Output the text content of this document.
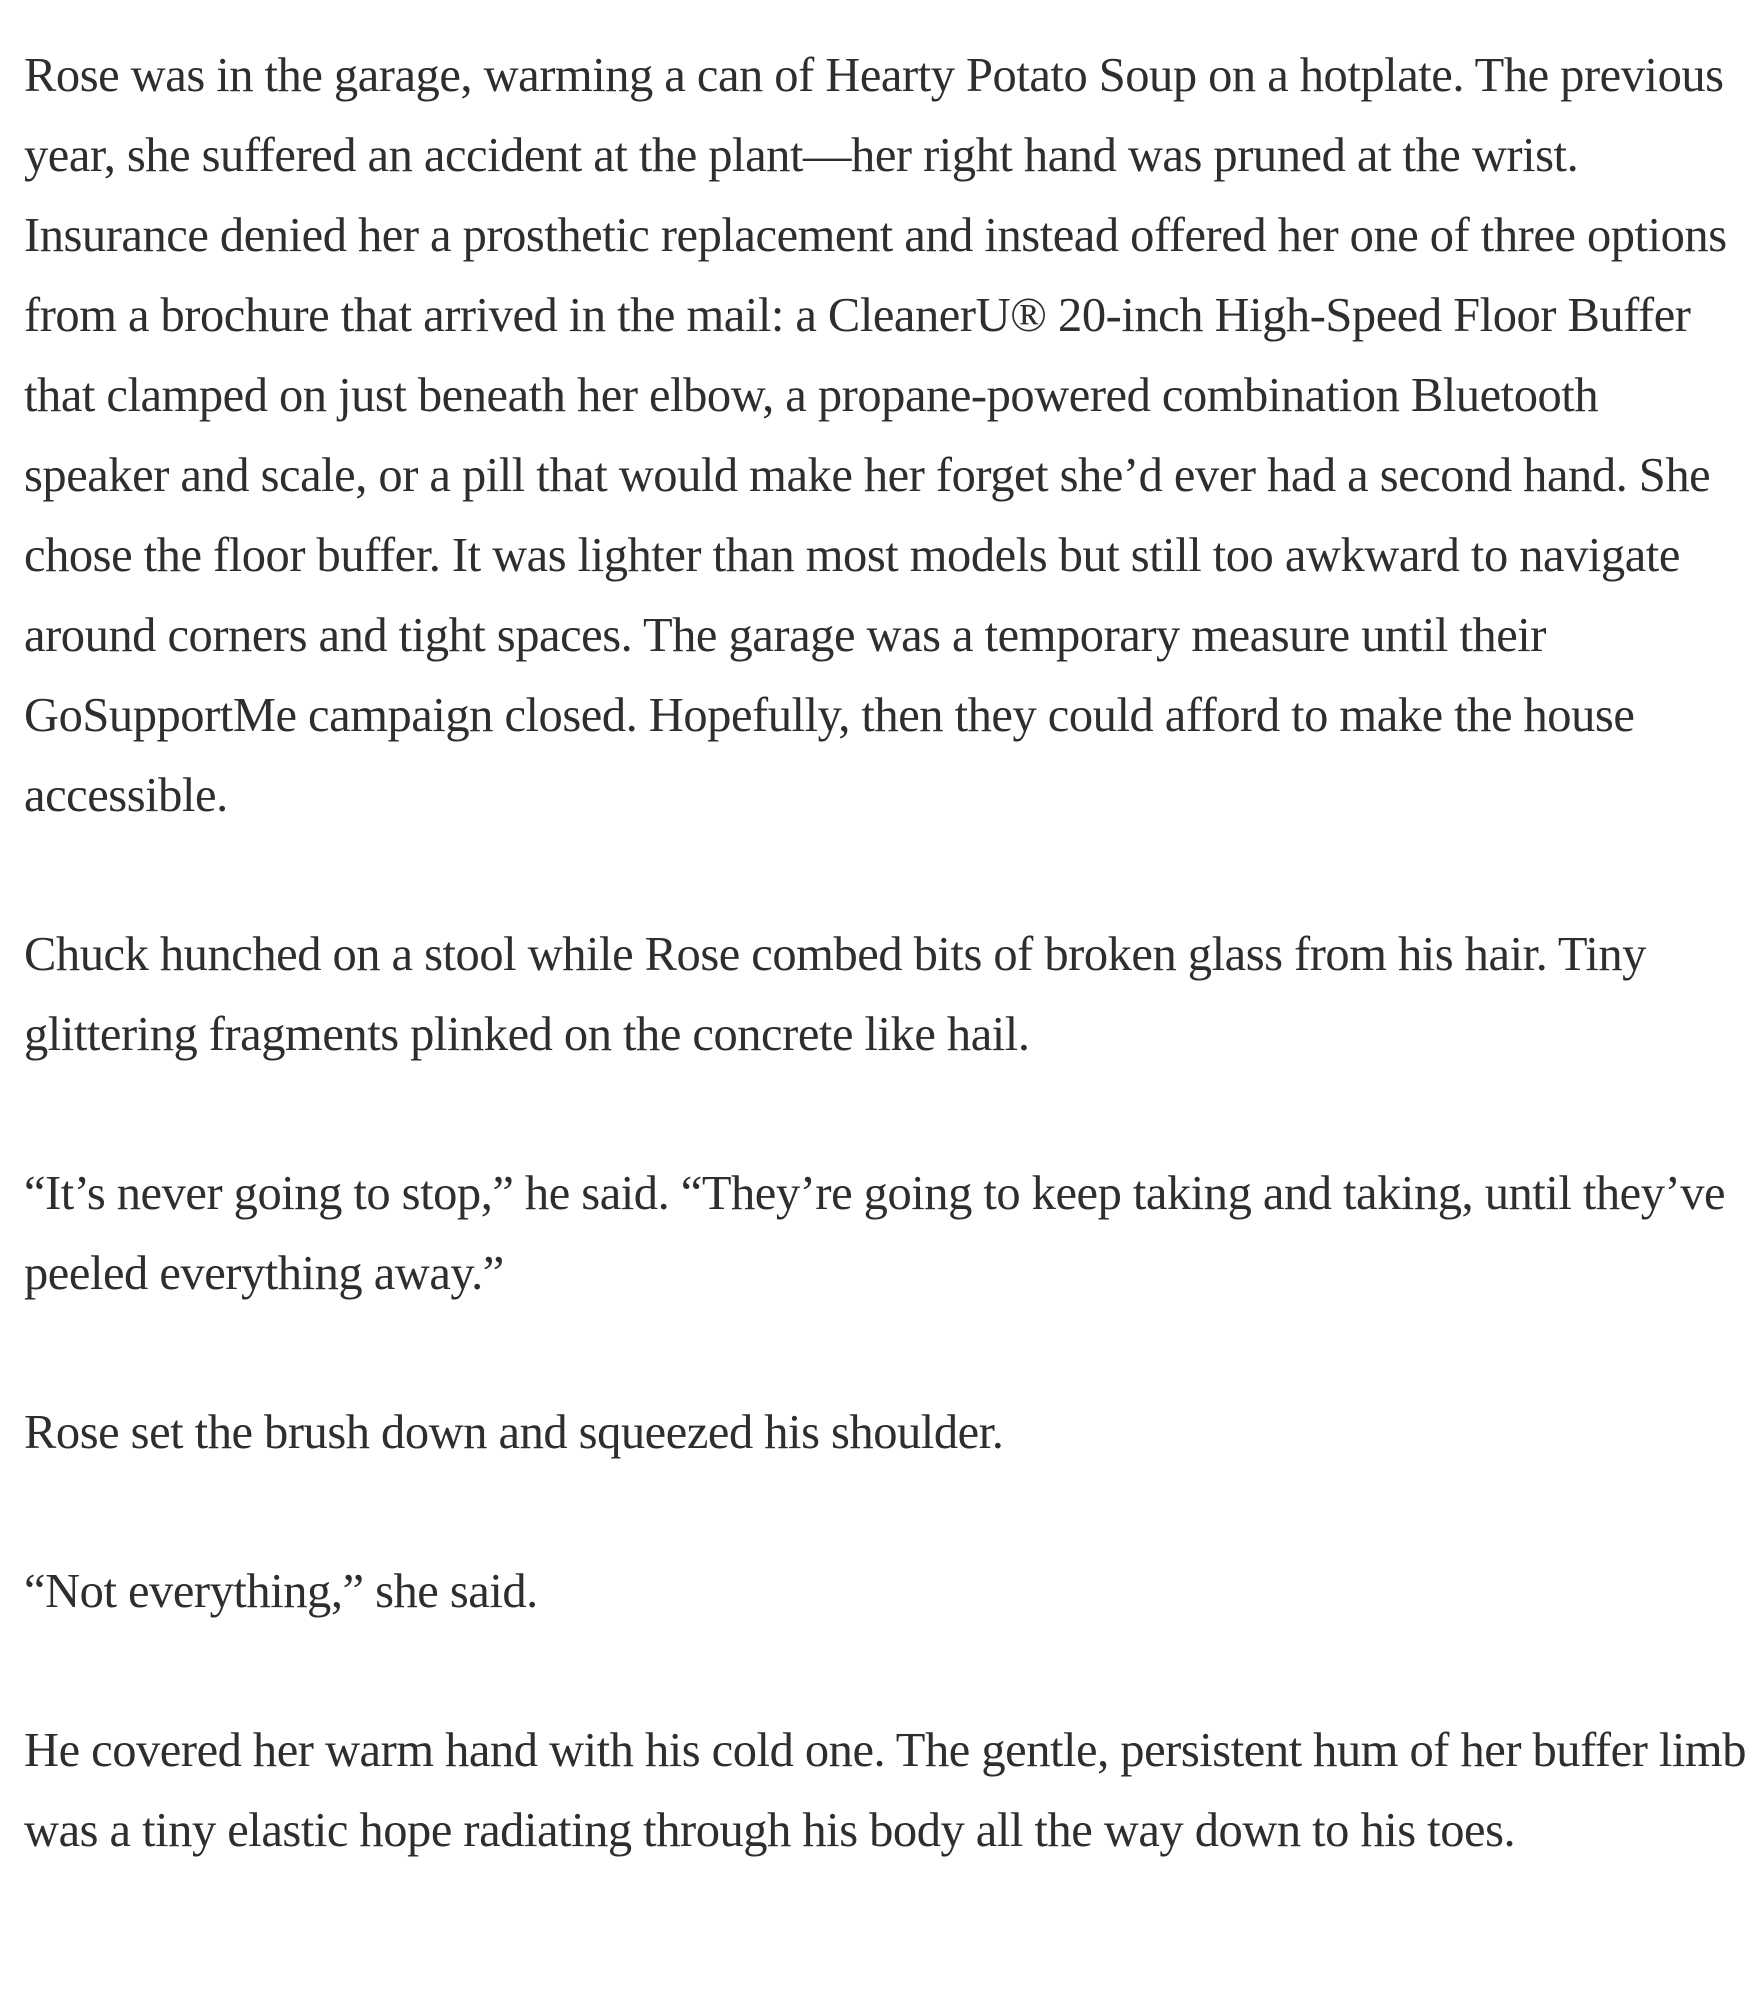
Rose was in the garage, warming a can of Hearty Potato Soup on a hotplate. The previous year, she suffered an accident at the plant—her right hand was pruned at the wrist. Insurance denied her a prosthetic replacement and instead offered her one of three options from a brochure that arrived in the mail: a CleanerU® 20-inch High-Speed Floor Buffer that clamped on just beneath her elbow, a propane-powered combination Bluetooth speaker and scale, or a pill that would make her forget she’d ever had a second hand. She chose the floor buffer. It was lighter than most models but still too awkward to navigate around corners and tight spaces. The garage was a temporary measure until their GoSupportMe campaign closed. Hopefully, then they could afford to make the house accessible.

Chuck hunched on a stool while Rose combed bits of broken glass from his hair. Tiny glittering fragments plinked on the concrete like hail.

“It’s never going to stop,” he said. “They’re going to keep taking and taking, until they’ve peeled everything away.”

Rose set the brush down and squeezed his shoulder.

“Not everything,” she said.

He covered her warm hand with his cold one. The gentle, persistent hum of her buffer limb was a tiny elastic hope radiating through his body all the way down to his toes.
